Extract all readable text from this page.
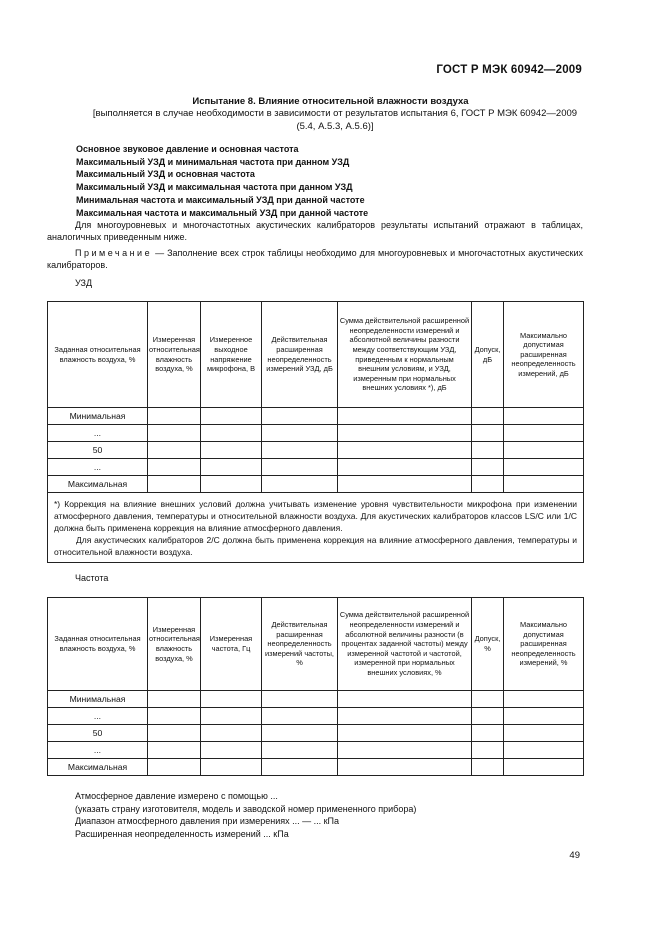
ГОСТ Р МЭК 60942—2009
Испытание 8. Влияние относительной влажности воздуха
[выполняется в случае необходимости в зависимости от результатов испытания 6, ГОСТ Р МЭК 60942—2009
(5.4, А.5.3, А.5.6)]
Основное звуковое давление и основная частота
Максимальный УЗД и минимальная частота при данном УЗД
Максимальный УЗД и основная частота
Максимальный УЗД и максимальная частота при данном УЗД
Минимальная частота и максимальный УЗД при данной частоте
Максимальная частота и максимальный УЗД при данной частоте
Для многоуровневых и многочастотных акустических калибраторов результаты испытаний отражают в таблицах, аналогичных приведенным ниже.
Примечание — Заполнение всех строк таблицы необходимо для многоуровневых и многочастотных акустических калибраторов.
УЗД
Заданная относительная влажность воздуха, %	Измеренная относительная влажность воздуха, %	Измеренное выходное напряжение микрофона, В	Действительная расширенная неопределенность измерений УЗД, дБ	Сумма действительной расширенной неопределенности измерений и абсолютной величины разности между соответствующим УЗД, приведенным к нормальным внешним условиям, и УЗД, измеренным при нормальных внешних условиях *), дБ	Допуск, дБ	Максимально допустимая расширенная неопределенность измерений, дБ
Минимальная						
...						
50						
...						
Максимальная						

*) Коррекция на влияние внешних условий должна учитывать изменение уровня чувствительности микрофона при изменении атмосферного давления, температуры и относительной влажности воздуха. Для акустических калибраторов классов LS/C или 1/C должна быть применена коррекция на влияние атмосферного давления.
Для акустических калибраторов 2/C должна быть применена коррекция на влияние атмосферного давления, температуры и относительной влажности воздуха.						
Частота
Заданная относительная влажность воздуха, %	Измеренная относительная влажность воздуха, %	Измеренная частота, Гц	Действительная расширенная неопределенность измерений частоты, %	Сумма действительной расширенной неопределенности измерений и абсолютной величины разности (в процентах заданной частоты) между измеренной частотой и частотой, измеренной при нормальных внешних условиях, %	Допуск, %	Максимально допустимая расширенная неопределенность измерений, %
Минимальная						
...						
50						
...						
Максимальная						
Атмосферное давление измерено с помощью ...
(указать страну изготовителя, модель и заводской номер примененного прибора)
Диапазон атмосферного давления при измерениях ... — ... кПа
Расширенная неопределенность измерений ... кПа
49
